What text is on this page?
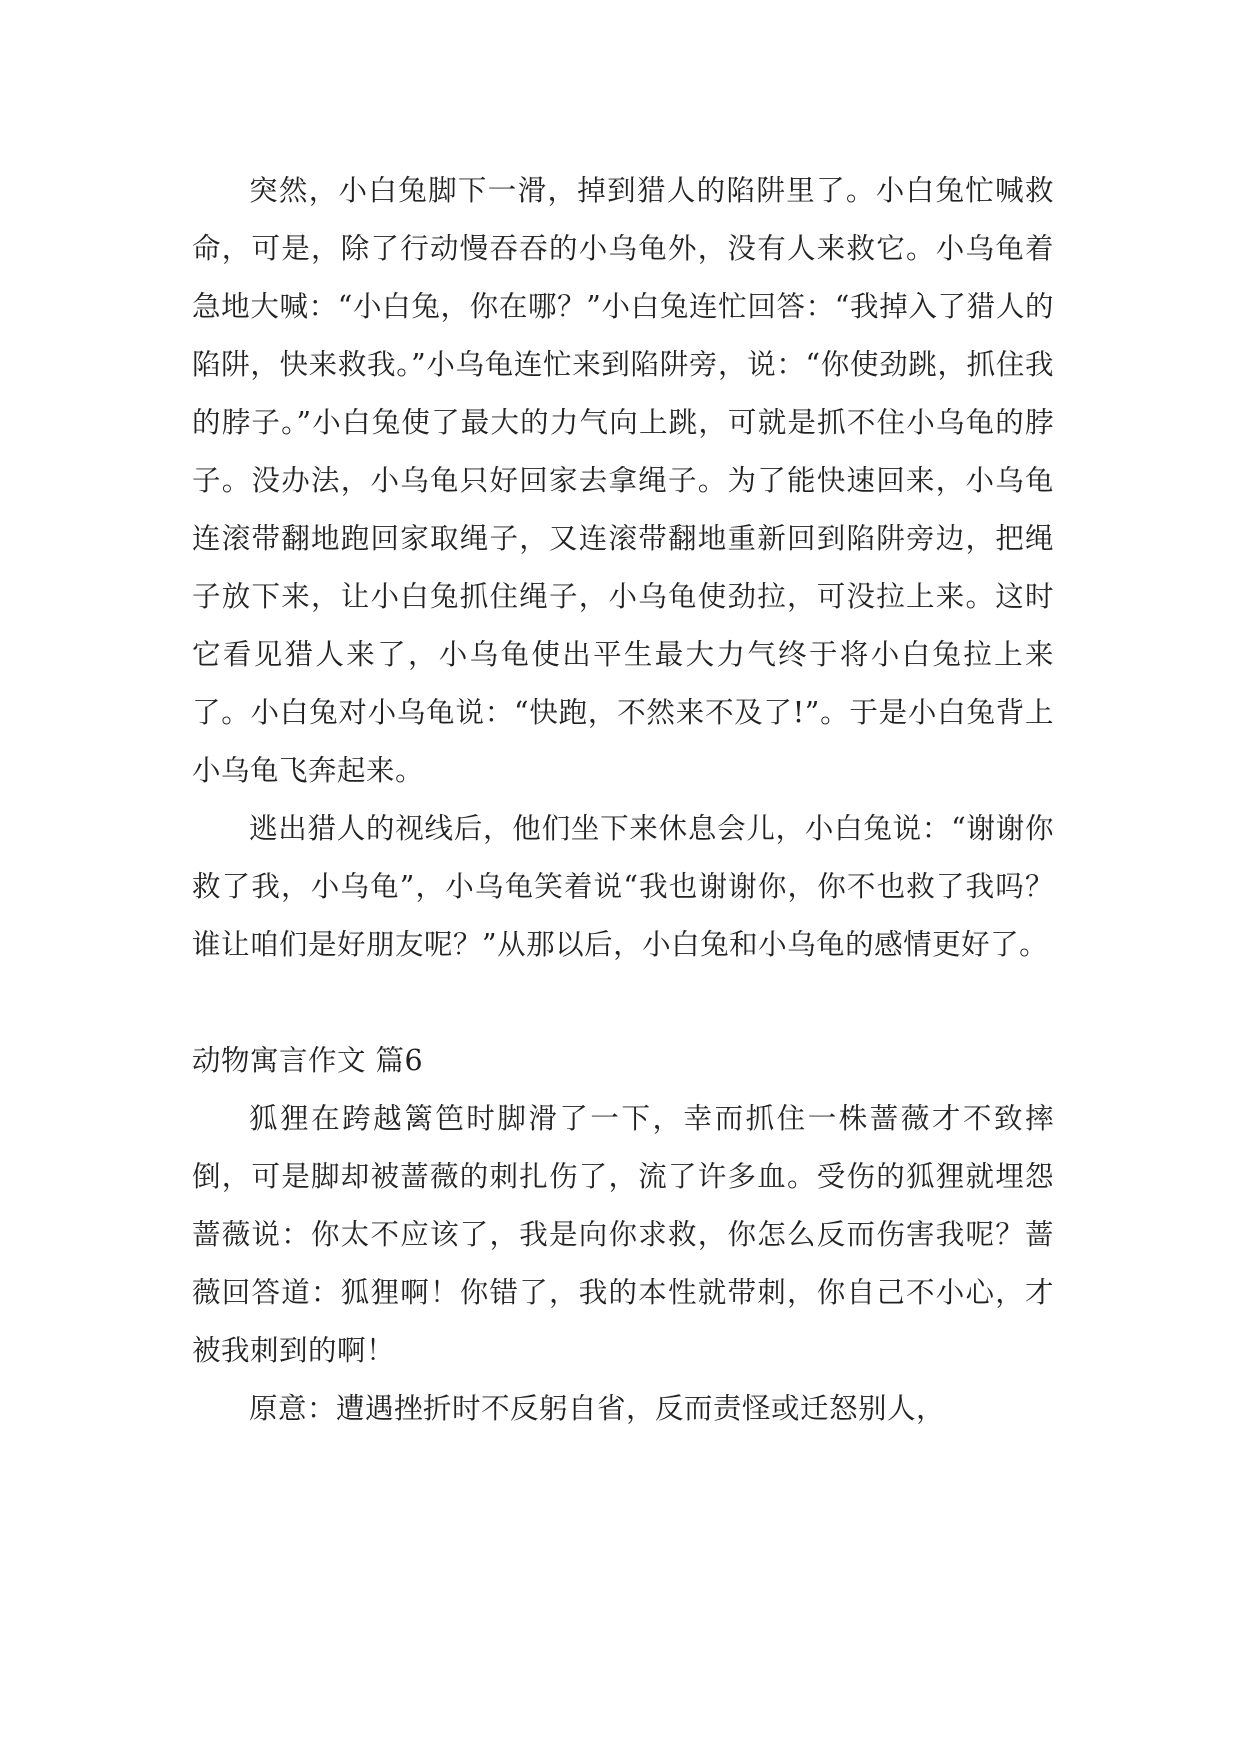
突然，小白兔脚下一滑，掉到猎人的陷阱里了。小白兔忙喊救命，可是，除了行动慢吞吞的小乌龟外，没有人来救它。小乌龟着急地大喊：“小白兔，你在哪？”小白兔连忙回答：“我掉入了猎人的陷阱，快来救我。”小乌龟连忙来到陷阱旁，说：“你使劲跳，抓住我的脖子。”小白兔使了最大的力气向上跳，可就是抓不住小乌龟的脖子。没办法，小乌龟只好回家去拿绳子。为了能快速回来，小乌龟连滚带翻地跑回家取绳子，又连滚带翻地重新回到陷阱旁边，把绳子放下来，让小白兔抓住绳子，小乌龟使劲拉，可没拉上来。这时它看见猎人来了，小乌龟使出平生最大力气终于将小白兔拉上来了。小白兔对小乌龟说：“快跑，不然来不及了!”。于是小白兔背上小乌龟飞奔起来。

逃出猎人的视线后，他们坐下来休息会儿，小白兔说：“谢谢你救了我，小乌龟”，小乌龟笑着说“我也谢谢你，你不也救了我吗？谁让咱们是好朋友呢？”从那以后，小白兔和小乌龟的感情更好了。

动物寓言作文 篇6

狐狸在跨越篱笆时脚滑了一下，幸而抓住一株蔷薇才不致摔倒，可是脚却被蔷薇的刺扎伤了，流了许多血。受伤的狐狸就埋怨蔷薇说：你太不应该了，我是向你求救，你怎么反而伤害我呢？蔷薇回答道：狐狸啊！你错了，我的本性就带刺，你自己不小心，才被我刺到的啊！

原意：遭遇挫折时不反躬自省，反而责怪或迁怒别人，
